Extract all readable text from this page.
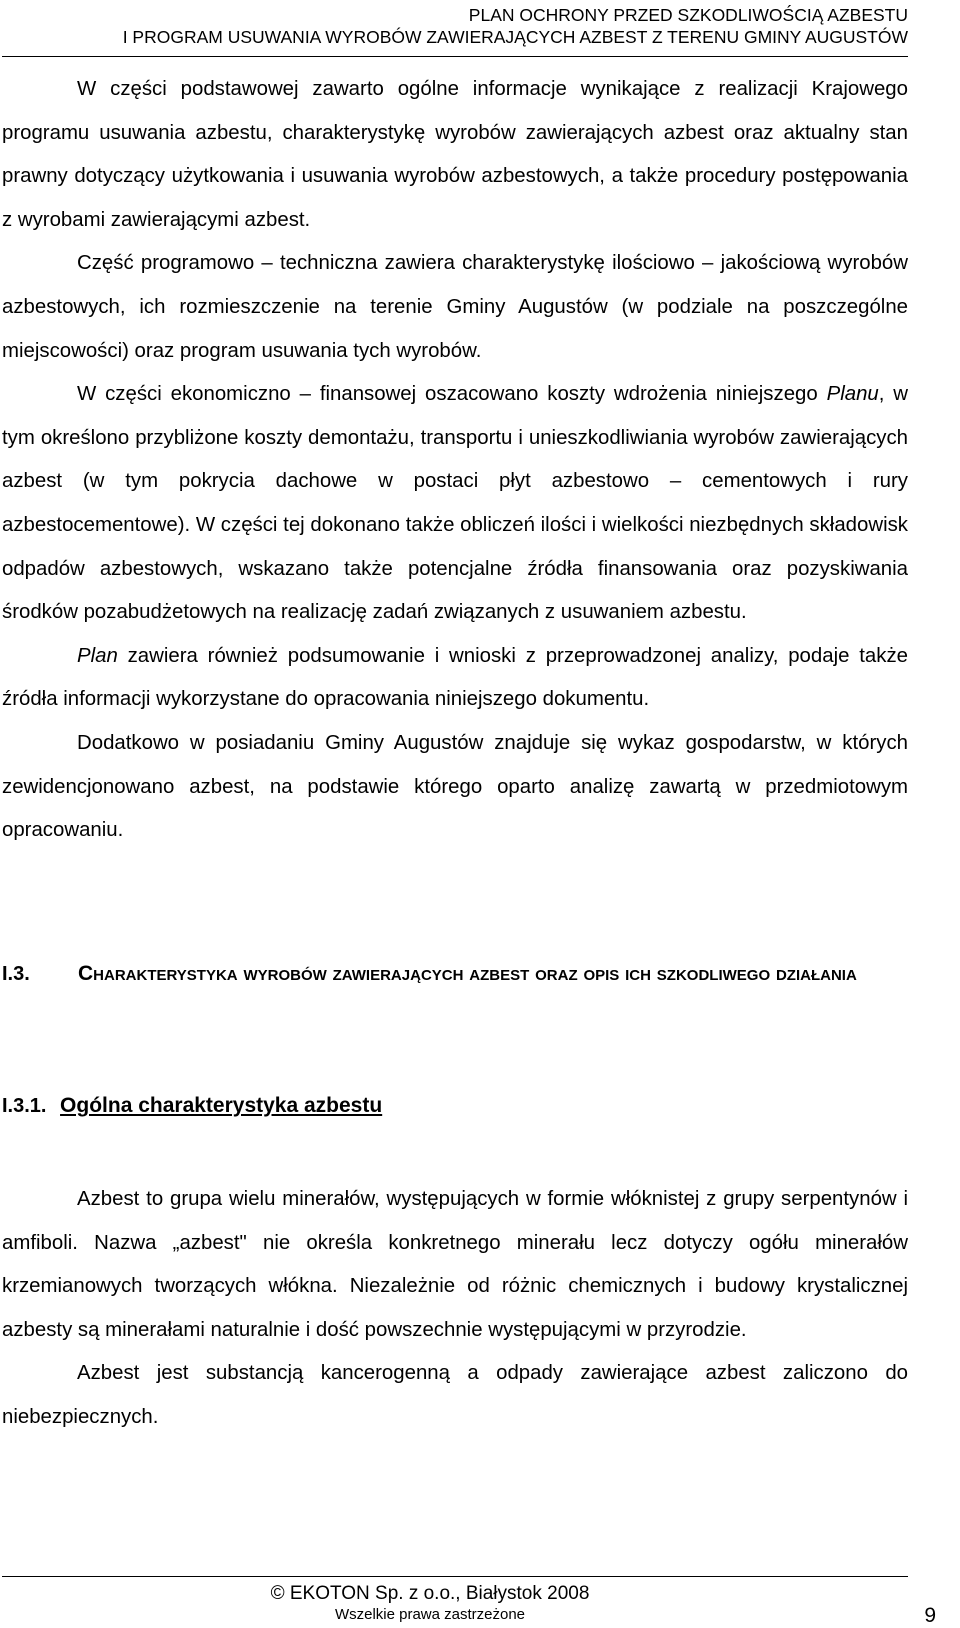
PLAN OCHRONY PRZED SZKODLIWOŚCIĄ AZBESTU
I PROGRAM USUWANIA WYROBÓW ZAWIERAJĄCYCH AZBEST Z TERENU GMINY AUGUSTÓW

W części podstawowej zawarto ogólne informacje wynikające z realizacji Krajowego programu usuwania azbestu, charakterystykę wyrobów zawierających azbest oraz aktualny stan prawny dotyczący użytkowania i usuwania wyrobów azbestowych, a także procedury postępowania z wyrobami zawierającymi azbest.

Część programowo – techniczna zawiera charakterystykę ilościowo – jakościową wyrobów azbestowych, ich rozmieszczenie na terenie Gminy Augustów (w podziale na poszczególne miejscowości) oraz program usuwania tych wyrobów.

W części ekonomiczno – finansowej oszacowano koszty wdrożenia niniejszego Planu, w tym określono przybliżone koszty demontażu, transportu i unieszkodliwiania wyrobów zawierających azbest (w tym pokrycia dachowe w postaci płyt azbestowo – cementowych i rury azbestocementowe). W części tej dokonano także obliczeń ilości i wielkości niezbędnych składowisk odpadów azbestowych, wskazano także potencjalne źródła finansowania oraz pozyskiwania środków pozabudżetowych na realizację zadań związanych z usuwaniem azbestu.

Plan zawiera również podsumowanie i wnioski z przeprowadzonej analizy, podaje także źródła informacji wykorzystane do opracowania niniejszego dokumentu.

Dodatkowo w posiadaniu Gminy Augustów znajduje się wykaz gospodarstw, w których zewidencjonowano azbest, na podstawie którego oparto analizę zawartą w przedmiotowym opracowaniu.

I.3. Charakterystyka wyrobów zawierających azbest oraz opis ich szkodliwego działania
I.3.1. Ogólna charakterystyka azbestu

Azbest to grupa wielu minerałów, występujących w formie włóknistej z grupy serpentynów i amfiboli. Nazwa „azbest" nie określa konkretnego minerału lecz dotyczy ogółu minerałów krzemianowych tworzących włókna. Niezależnie od różnic chemicznych i budowy krystalicznej azbesty są minerałami naturalnie i dość powszechnie występującymi w przyrodzie.

Azbest jest substancją kancerogenną a odpady zawierające azbest zaliczono do niebezpiecznych.

© EKOTON Sp. z o.o., Białystok 2008
Wszelkie prawa zastrzeżone	9
